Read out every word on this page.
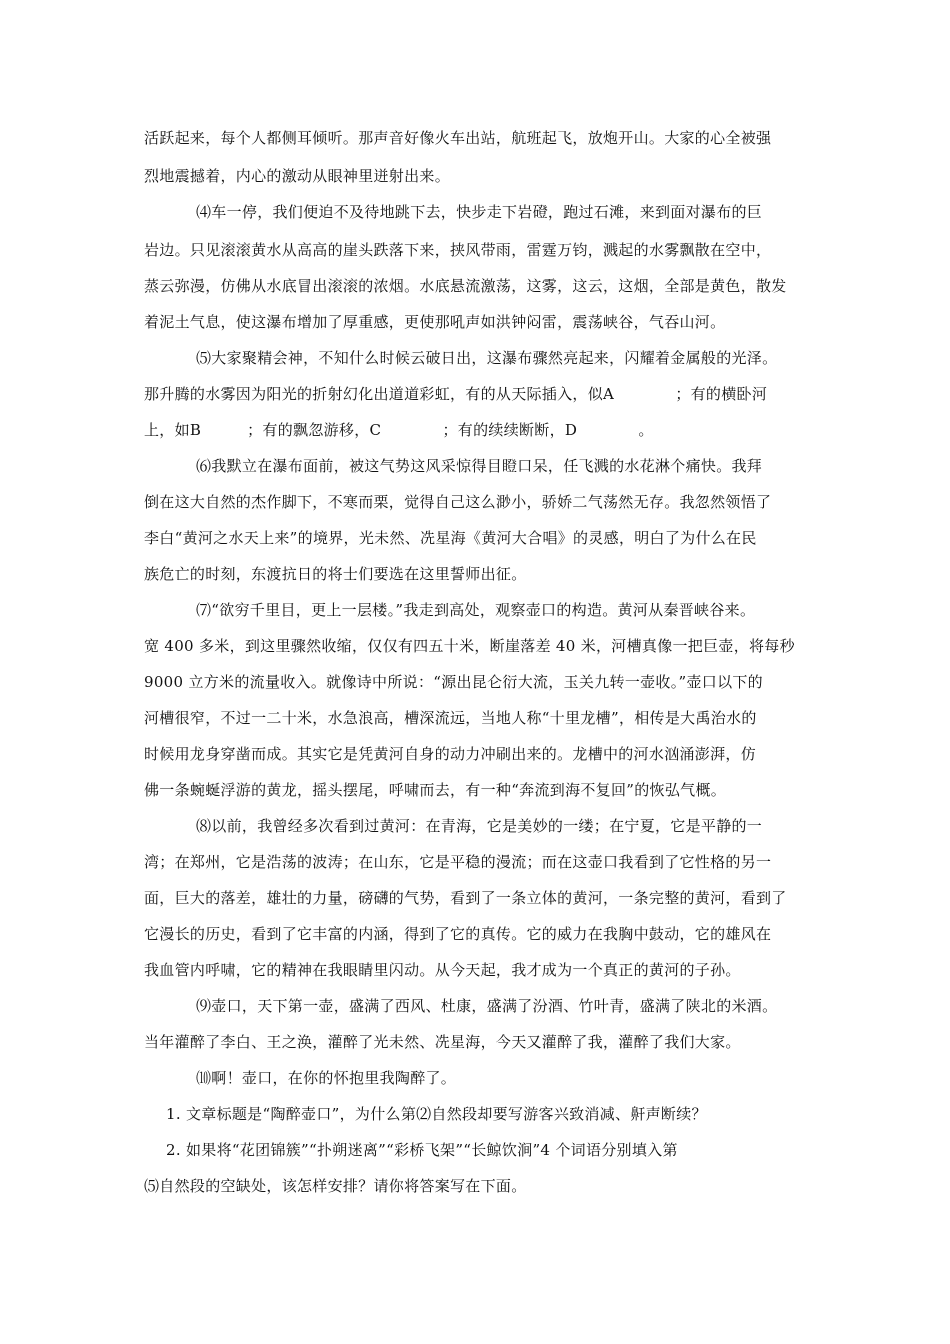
活跃起来，每个人都侧耳倾听。那声音好像火车出站，航班起飞，放炮开山。大家的心全被强
烈地震撼着，内心的激动从眼神里迸射出来。
⑷车一停，我们便迫不及待地跳下去，快步走下岩磴，跑过石滩，来到面对瀑布的巨
岩边。只见滚滚黄水从高高的崖头跌落下来，挟风带雨，雷霆万钧，溅起的水雾飘散在空中，
蒸云弥漫，仿佛从水底冒出滚滚的浓烟。水底悬流激荡，这雾，这云，这烟，全部是黄色，散发
着泥土气息，使这瀑布增加了厚重感，更使那吼声如洪钟闷雷，震荡峡谷，气吞山河。
⑸大家聚精会神，不知什么时候云破日出，这瀑布骤然亮起来，闪耀着金属般的光泽。
那升腾的水雾因为阳光的折射幻化出道道彩虹，有的从天际插入，似A　　　　；有的横卧河
上，如B　　　；有的飘忽游移，C　　　　；有的续续断断，D　　　　。
⑹我默立在瀑布面前，被这气势这风采惊得目瞪口呆，任飞溅的水花淋个痛快。我拜
倒在这大自然的杰作脚下，不寒而栗，觉得自己这么渺小，骄娇二气荡然无存。我忽然领悟了
李白“黄河之水天上来”的境界，光未然、冼星海《黄河大合唱》的灵感，明白了为什么在民
族危亡的时刻，东渡抗日的将士们要选在这里誓师出征。
⑺“欲穷千里目，更上一层楼。”我走到高处，观察壶口的构造。黄河从秦晋峡谷来。
宽 400 多米，到这里骤然收缩，仅仅有四五十米，断崖落差 40 米，河槽真像一把巨壶，将每秒
9000 立方米的流量收入。就像诗中所说：“源出昆仑衍大流，玉关九转一壶收。”壶口以下的
河槽很窄，不过一二十米，水急浪高，槽深流远，当地人称“十里龙槽”，相传是大禹治水的
时候用龙身穿凿而成。其实它是凭黄河自身的动力冲刷出来的。龙槽中的河水汹涌澎湃，仿
佛一条蜿蜒浮游的黄龙，摇头摆尾，呼啸而去，有一种“奔流到海不复回”的恢弘气概。
⑻以前，我曾经多次看到过黄河：在青海，它是美妙的一缕；在宁夏，它是平静的一
湾；在郑州，它是浩荡的波涛；在山东，它是平稳的漫流；而在这壶口我看到了它性格的另一
面，巨大的落差，雄壮的力量，磅礴的气势，看到了一条立体的黄河，一条完整的黄河，看到了
它漫长的历史，看到了它丰富的内涵，得到了它的真传。它的威力在我胸中鼓动，它的雄风在
我血管内呼啸，它的精神在我眼睛里闪动。从今天起，我才成为一个真正的黄河的子孙。
⑼壶口，天下第一壶，盛满了西风、杜康，盛满了汾酒、竹叶青，盛满了陕北的米酒。
当年灌醉了李白、王之涣，灌醉了光未然、冼星海，今天又灌醉了我，灌醉了我们大家。
⑽啊！壶口，在你的怀抱里我陶醉了。
1. 文章标题是“陶醉壶口”，为什么第⑵自然段却要写游客兴致消减、鼾声断续？
2. 如果将“花团锦簇”“扑朔迷离”“彩桥飞架”“长鲸饮涧”4 个词语分别填入第
⑸自然段的空缺处，该怎样安排？请你将答案写在下面。
